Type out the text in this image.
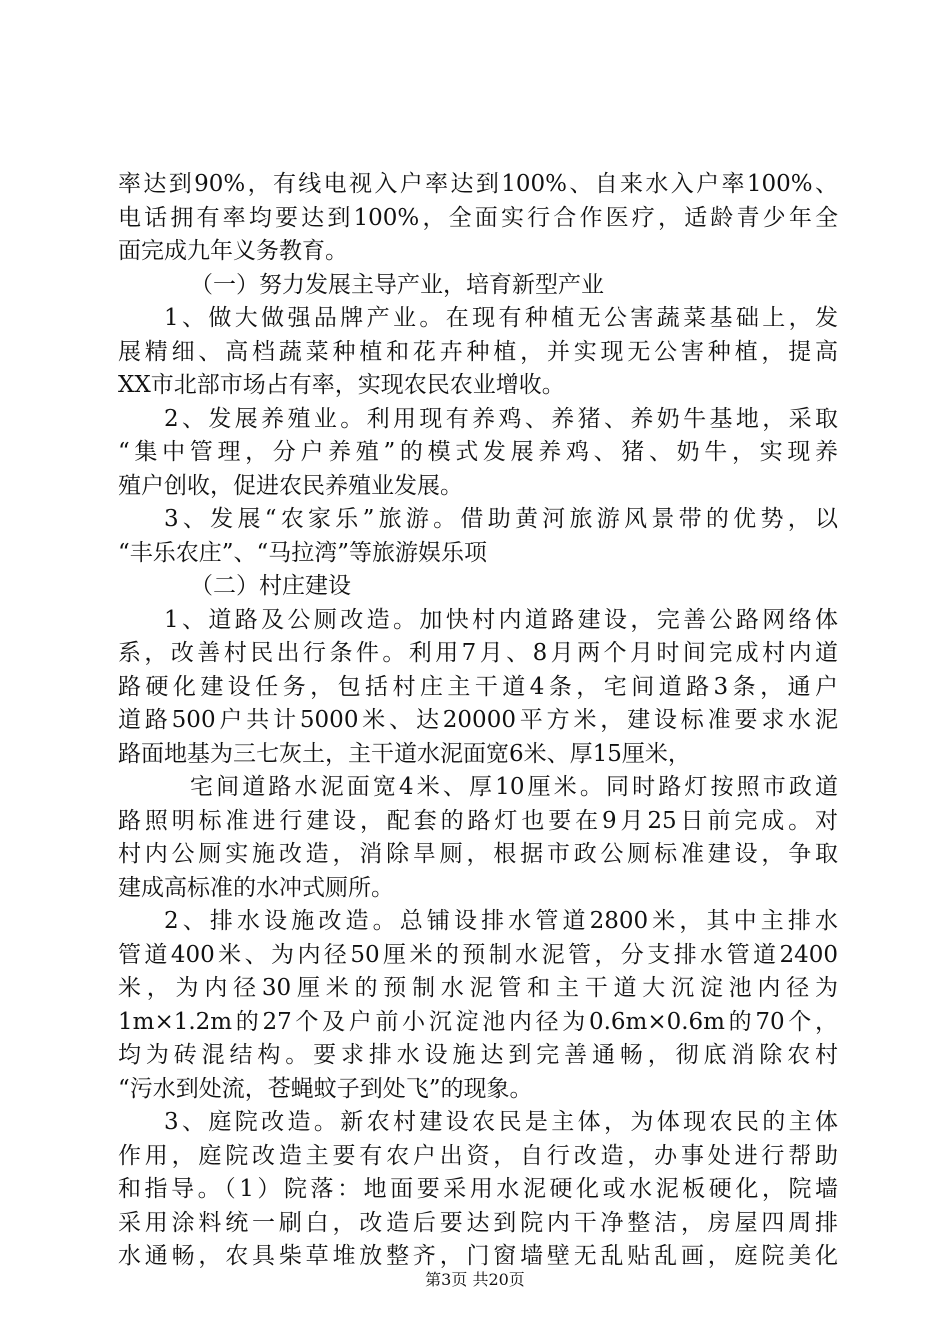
率达到90%，有线电视入户率达到100%、自来水入户率100%、
电话拥有率均要达到100%，全面实行合作医疗，适龄青少年全
面完成九年义务教育。
（一）努力发展主导产业，培育新型产业
1、做大做强品牌产业。在现有种植无公害蔬菜基础上，发
展精细、高档蔬菜种植和花卉种植，并实现无公害种植，提高
XX市北部市场占有率，实现农民农业增收。
2、发展养殖业。利用现有养鸡、养猪、养奶牛基地，采取
“集中管理，分户养殖”的模式发展养鸡、猪、奶牛，实现养
殖户创收，促进农民养殖业发展。
3、发展“农家乐”旅游。借助黄河旅游风景带的优势，以
“丰乐农庄”、“马拉湾”等旅游娱乐项
（二）村庄建设
1、道路及公厕改造。加快村内道路建设，完善公路网络体
系，改善村民出行条件。利用7月、8月两个月时间完成村内道
路硬化建设任务，包括村庄主干道4条，宅间道路3条，通户
道路500户共计5000米、达20000平方米，建设标准要求水泥
路面地基为三七灰土，主干道水泥面宽6米、厚15厘米，
宅间道路水泥面宽4米、厚10厘米。同时路灯按照市政道
路照明标准进行建设，配套的路灯也要在9月25日前完成。对
村内公厕实施改造，消除旱厕，根据市政公厕标准建设，争取
建成高标准的水冲式厕所。
2、排水设施改造。总铺设排水管道2800米，其中主排水
管道400米、为内径50厘米的预制水泥管，分支排水管道2400
米，为内径30厘米的预制水泥管和主干道大沉淀池内径为
1m×1.2m的27个及户前小沉淀池内径为0.6m×0.6m的70个，
均为砖混结构。要求排水设施达到完善通畅，彻底消除农村
“污水到处流，苍蝇蚊子到处飞”的现象。
3、庭院改造。新农村建设农民是主体，为体现农民的主体
作用，庭院改造主要有农户出资，自行改造，办事处进行帮助
和指导。（1）院落：地面要采用水泥硬化或水泥板硬化，院墙
采用涂料统一刷白，改造后要达到院内干净整洁，房屋四周排
水通畅，农具柴草堆放整齐，门窗墙壁无乱贴乱画，庭院美化
第3页 共20页
